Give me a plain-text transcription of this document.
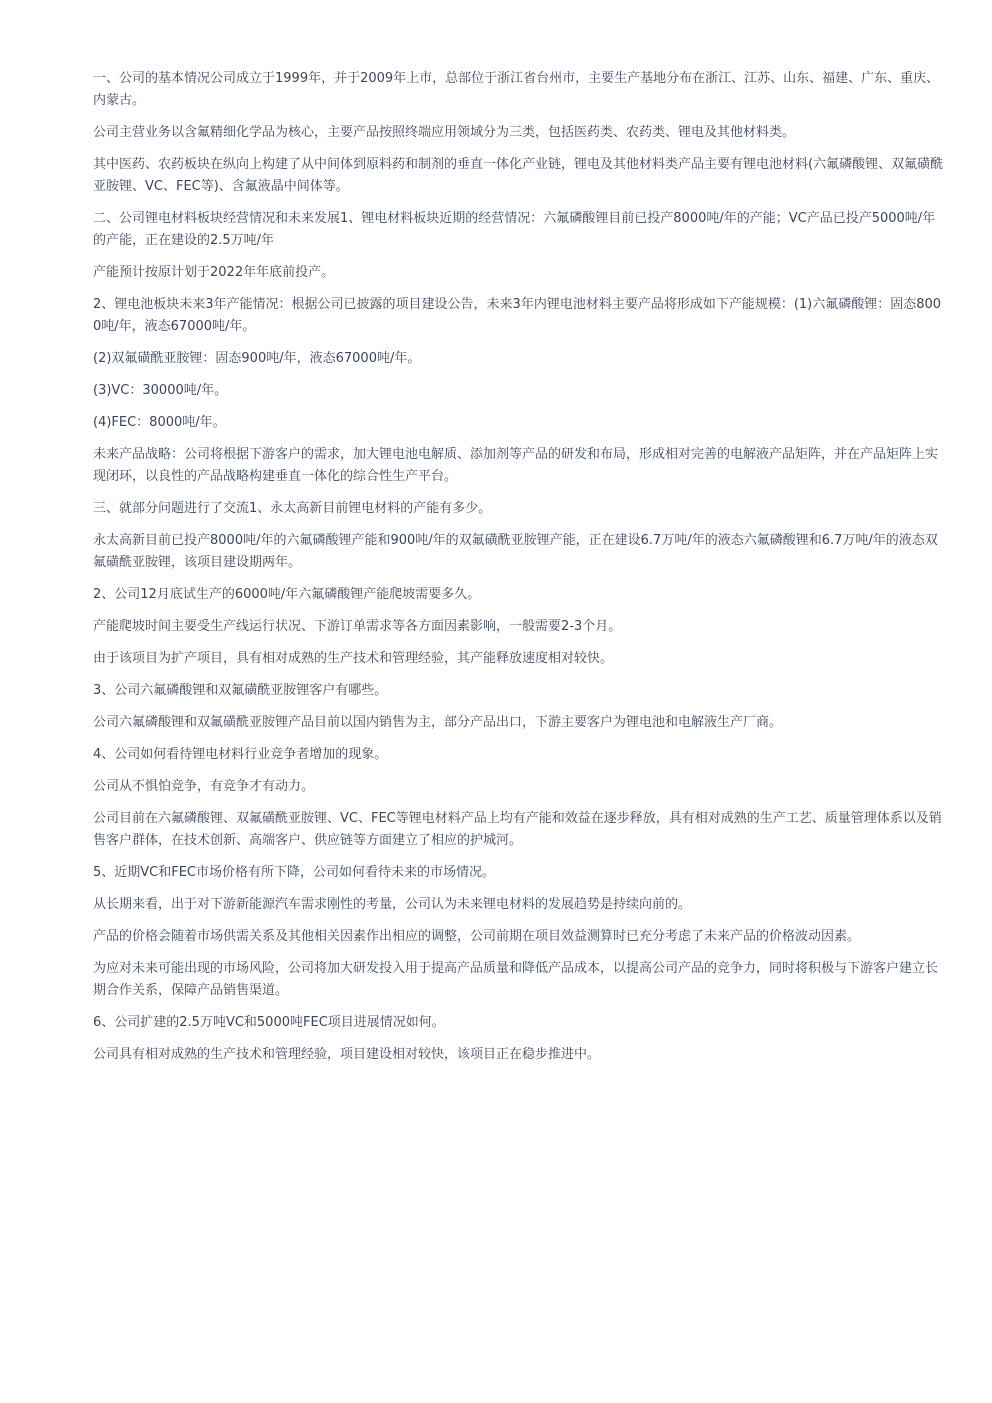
一、公司的基本情况公司成立于1999年，并于2009年上市，总部位于浙江省台州市，主要生产基地分布在浙江、江苏、山东、福建、广东、重庆、内蒙古。

公司主营业务以含氟精细化学品为核心，主要产品按照终端应用领域分为三类，包括医药类、农药类、锂电及其他材料类。

其中医药、农药板块在纵向上构建了从中间体到原料药和制剂的垂直一体化产业链，锂电及其他材料类产品主要有锂电池材料(六氟磷酸锂、双氟磺酰亚胺锂、VC、FEC等)、含氟液晶中间体等。

二、公司锂电材料板块经营情况和未来发展1、锂电材料板块近期的经营情况：六氟磷酸锂目前已投产8000吨/年的产能；VC产品已投产5000吨/年的产能，正在建设的2.5万吨/年

产能预计按原计划于2022年年底前投产。

2、锂电池板块未来3年产能情况：根据公司已披露的项目建设公告，未来3年内锂电池材料主要产品将形成如下产能规模：(1)六氟磷酸锂：固态8000吨/年，液态67000吨/年。

(2)双氟磺酰亚胺锂：固态900吨/年，液态67000吨/年。

(3)VC：30000吨/年。

(4)FEC：8000吨/年。

未来产品战略：公司将根据下游客户的需求，加大锂电池电解质、添加剂等产品的研发和布局，形成相对完善的电解液产品矩阵，并在产品矩阵上实现闭环，以良性的产品战略构建垂直一体化的综合性生产平台。

三、就部分问题进行了交流1、永太高新目前锂电材料的产能有多少。

永太高新目前已投产8000吨/年的六氟磷酸锂产能和900吨/年的双氟磺酰亚胺锂产能，正在建设6.7万吨/年的液态六氟磷酸锂和6.7万吨/年的液态双氟磺酰亚胺锂，该项目建设期两年。

2、公司12月底试生产的6000吨/年六氟磷酸锂产能爬坡需要多久。

产能爬坡时间主要受生产线运行状况、下游订单需求等各方面因素影响，一般需要2-3个月。

由于该项目为扩产项目，具有相对成熟的生产技术和管理经验，其产能释放速度相对较快。

3、公司六氟磷酸锂和双氟磺酰亚胺锂客户有哪些。

公司六氟磷酸锂和双氟磺酰亚胺锂产品目前以国内销售为主，部分产品出口，下游主要客户为锂电池和电解液生产厂商。

4、公司如何看待锂电材料行业竞争者增加的现象。

公司从不惧怕竞争，有竞争才有动力。

公司目前在六氟磷酸锂、双氟磺酰亚胺锂、VC、FEC等锂电材料产品上均有产能和效益在逐步释放，具有相对成熟的生产工艺、质量管理体系以及销售客户群体，在技术创新、高端客户、供应链等方面建立了相应的护城河。

5、近期VC和FEC市场价格有所下降，公司如何看待未来的市场情况。

从长期来看，出于对下游新能源汽车需求刚性的考量，公司认为未来锂电材料的发展趋势是持续向前的。

产品的价格会随着市场供需关系及其他相关因素作出相应的调整，公司前期在项目效益测算时已充分考虑了未来产品的价格波动因素。

为应对未来可能出现的市场风险，公司将加大研发投入用于提高产品质量和降低产品成本，以提高公司产品的竞争力，同时将积极与下游客户建立长期合作关系，保障产品销售渠道。

6、公司扩建的2.5万吨VC和5000吨FEC项目进展情况如何。

公司具有相对成熟的生产技术和管理经验，项目建设相对较快，该项目正在稳步推进中。
